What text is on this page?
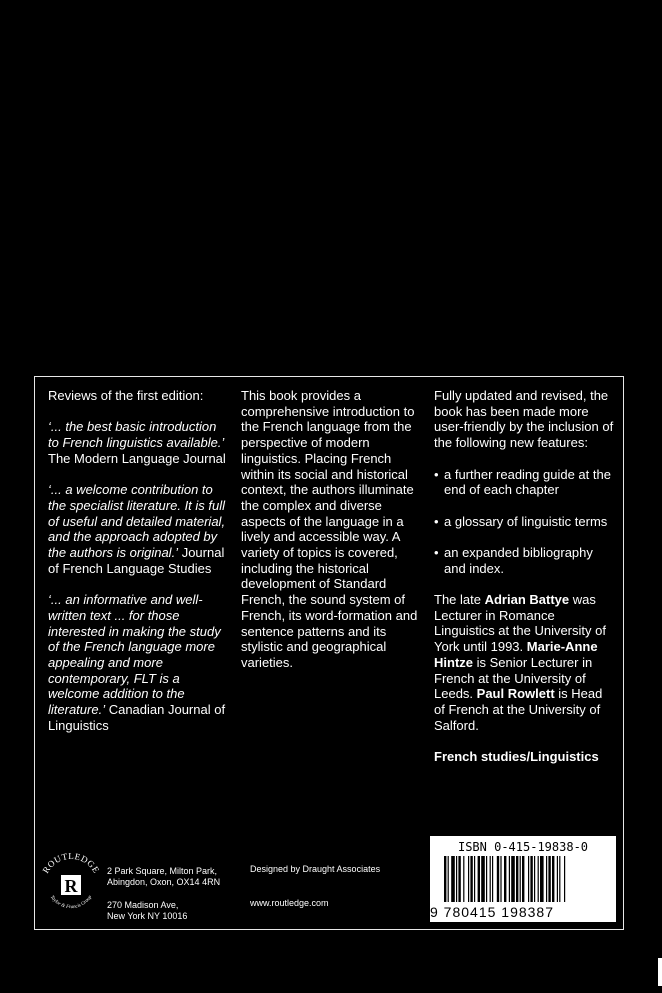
Reviews of the first edition:

‘... the best basic introduction to French linguistics available.’ The Modern Language Journal

‘... a welcome contribution to the specialist literature. It is full of useful and detailed material, and the approach adopted by the authors is original.’ Journal of French Language Studies

‘... an informative and well-written text ... for those interested in making the study of the French language more appealing and more contemporary, FLT is a welcome addition to the literature.’ Canadian Journal of Linguistics

This book provides a comprehensive introduction to the French language from the perspective of modern linguistics. Placing French within its social and historical context, the authors illuminate the complex and diverse aspects of the language in a lively and accessible way. A variety of topics is covered, including the historical development of Standard French, the sound system of French, its word-formation and sentence patterns and its stylistic and geographical varieties.

Fully updated and revised, the book has been made more user-friendly by the inclusion of the following new features:

• a further reading guide at the end of each chapter

• a glossary of linguistic terms

• an expanded bibliography and index.

The late Adrian Battye was Lecturer in Romance Linguistics at the University of York until 1993. Marie-Anne Hintze is Senior Lecturer in French at the University of Leeds. Paul Rowlett is Head of French at the University of Salford.

French studies/Linguistics

ROUTLEDGE
Taylor & Francis Group
R
2 Park Square, Milton Park,
Abingdon, Oxon, OX14 4RN
270 Madison Ave,
New York NY 10016
Designed by Draught Associates
www.routledge.com
ISBN 0-415-19838-0
9 780415 198387
